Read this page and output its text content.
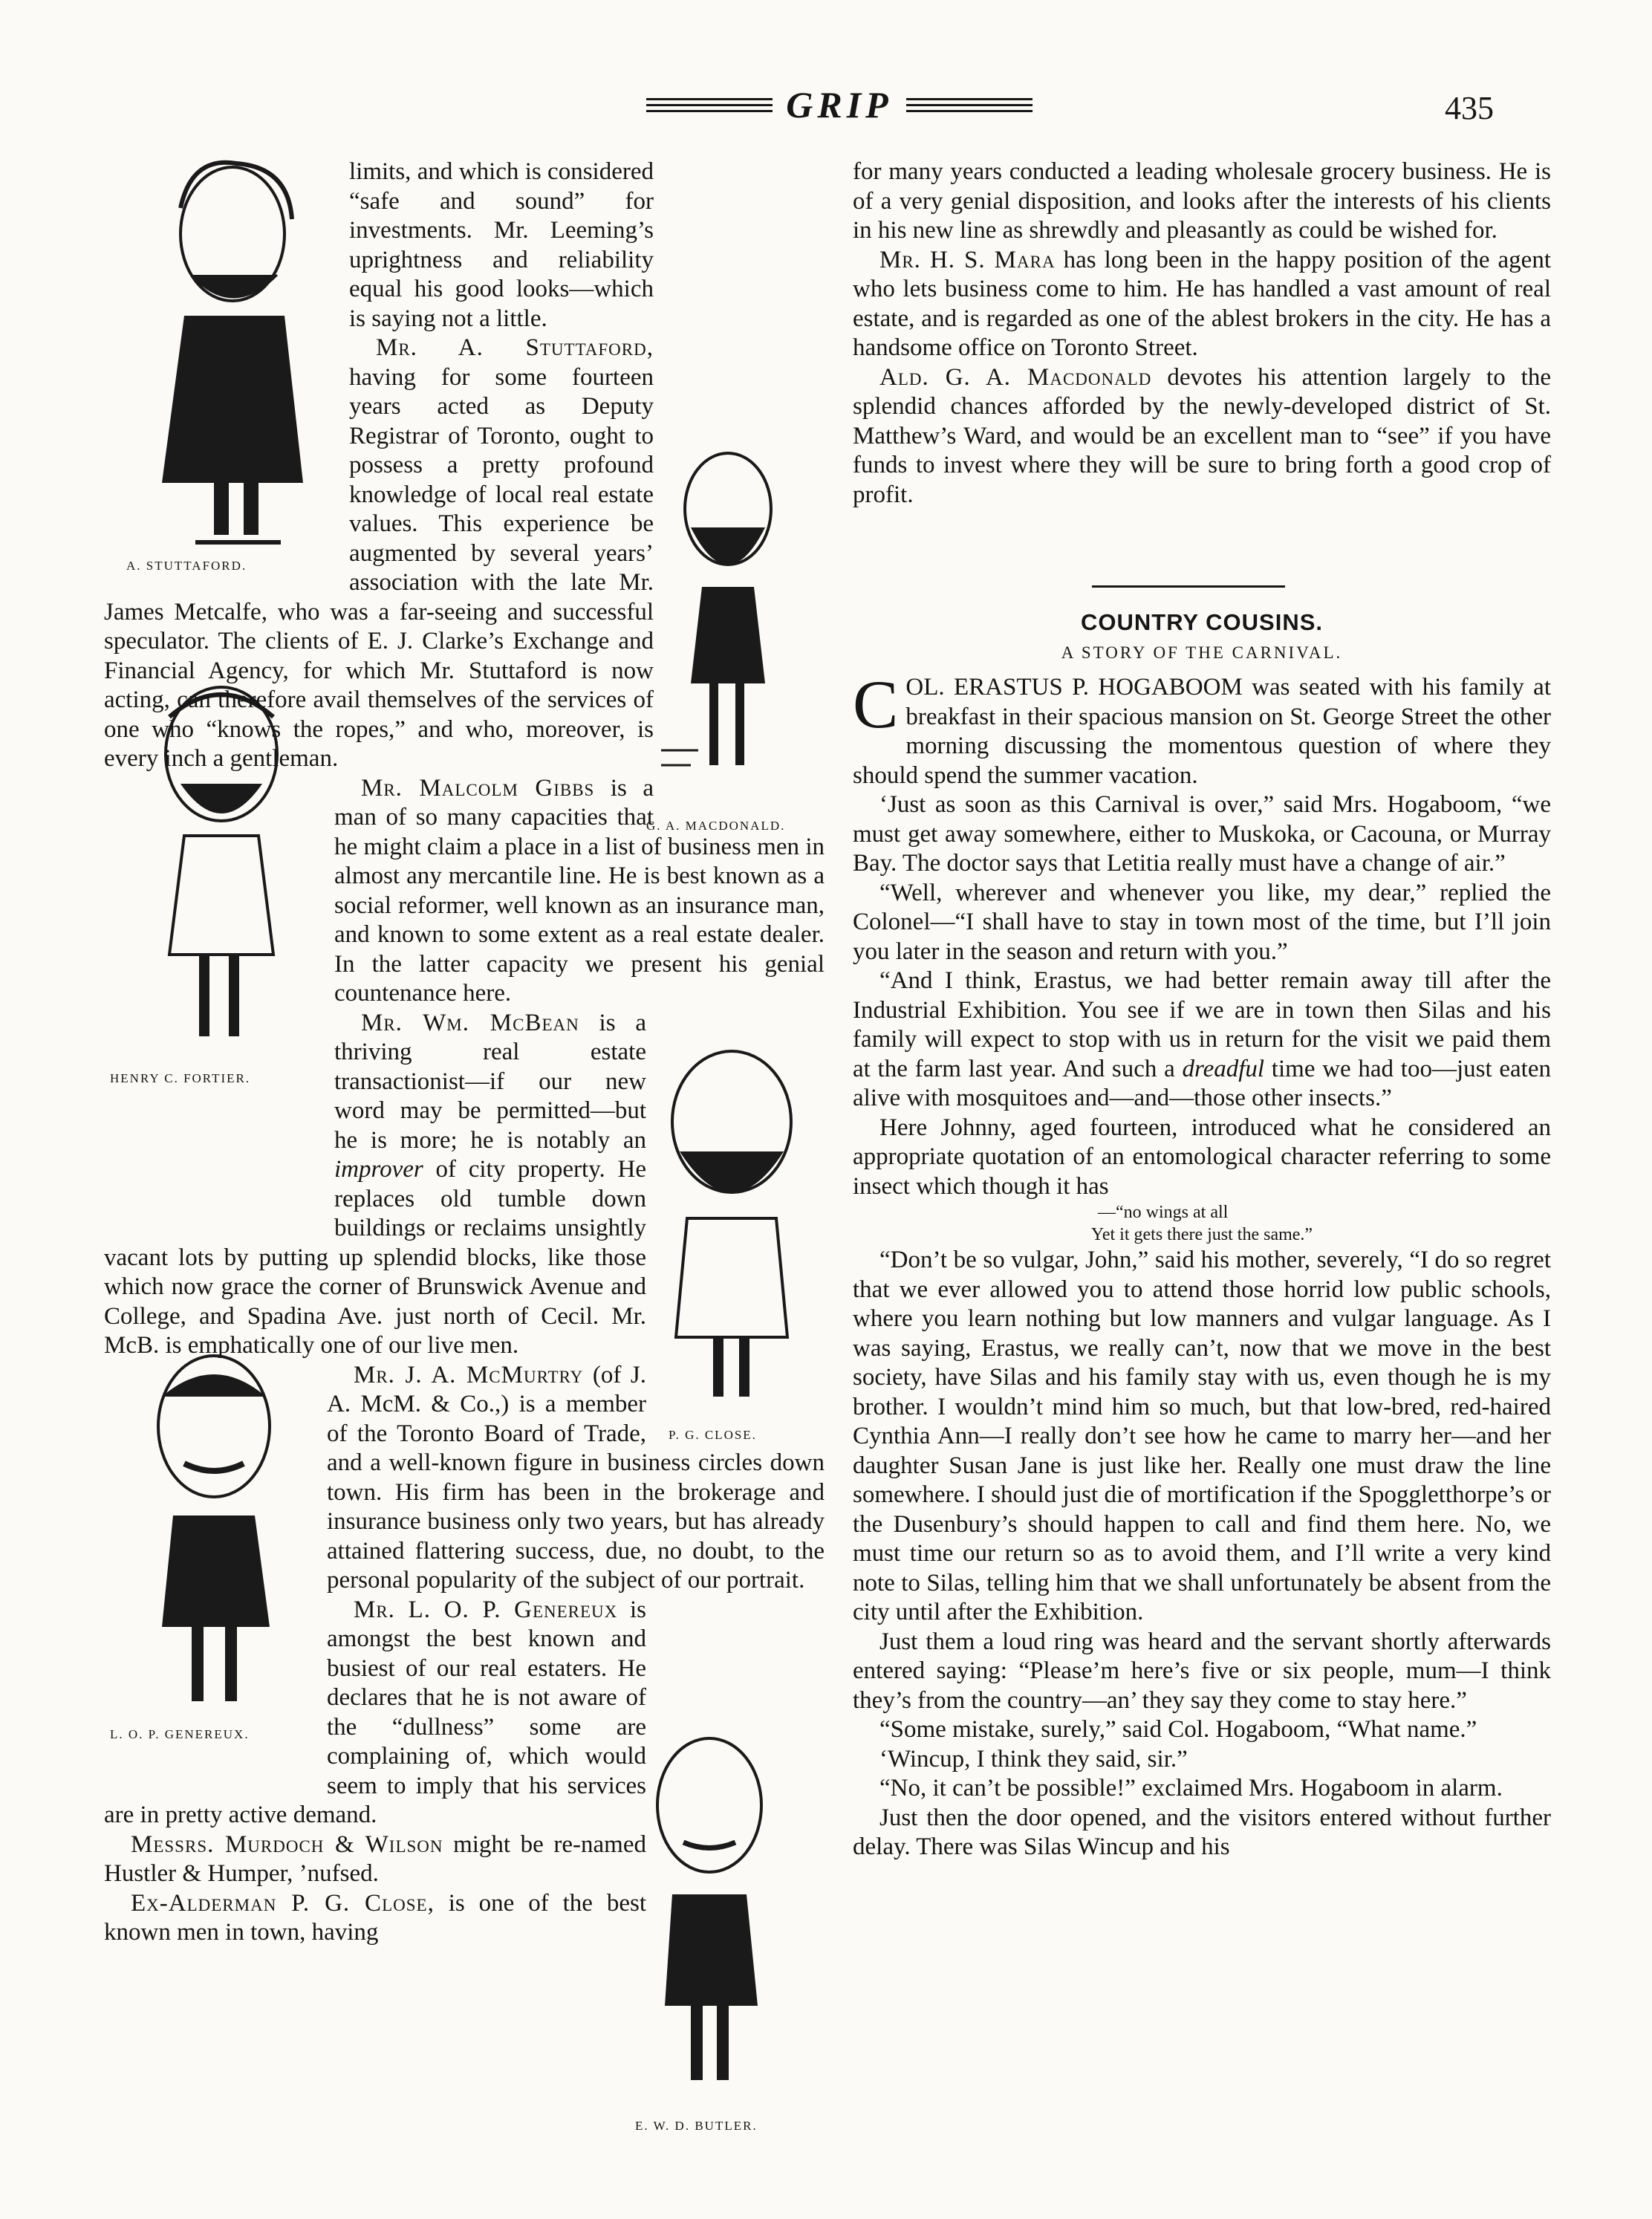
GRIP	435
A. STUTTAFORD.
G. A. MACDONALD.
HENRY C. FORTIER.
P. G. CLOSE.
L. O. P. GENEREUX.
E. W. D. BUTLER.

limits, and which is considered “safe and sound” for investments. Mr. Leeming’s uprightness and reliability equal his good looks—which is saying not a little.

Mr. A. Stuttaford, having for some fourteen years acted as Deputy Registrar of Toronto, ought to possess a pretty profound knowledge of local real estate values. This experience be augmented by several years’ association with the late Mr. James Metcalfe, who was a far-seeing and successful speculator. The clients of E. J. Clarke’s Exchange and Financial Agency, for which Mr. Stuttaford is now acting, can therefore avail themselves of the services of one who “knows the ropes,” and who, moreover, is every inch a gentleman.

Mr. Malcolm Gibbs is a man of so many capacities that he might claim a place in a list of business men in almost any mercantile line. He is best known as a social reformer, well known as an insurance man, and known to some extent as a real estate dealer. In the latter capacity we present his genial countenance here.

Mr. Wm. McBean is a thriving real estate transactionist—if our new word may be permitted—but he is more; he is notably an improver of city property. He replaces old tumble down buildings or reclaims unsightly vacant lots by putting up splendid blocks, like those which now grace the corner of Brunswick Avenue and College, and Spadina Ave. just north of Cecil. Mr. McB. is emphatically one of our live men.

Mr. J. A. McMurtry (of J. A. McM. & Co.,) is a member of the Toronto Board of Trade, and a well-known figure in business circles down town. His firm has been in the brokerage and insurance business only two years, but has already attained flattering success, due, no doubt, to the personal popularity of the subject of our portrait.

Mr. L. O. P. Genereux is amongst the best known and busiest of our real estaters. He declares that he is not aware of the “dullness” some are complaining of, which would seem to imply that his services are in pretty active demand.

Messrs. Murdoch & Wilson might be re-named Hustler & Humper, ’nufsed.

Ex-Alderman P. G. Close, is one of the best known men in town, having

for many years conducted a leading wholesale grocery business. He is of a very genial disposition, and looks after the interests of his clients in his new line as shrewdly and pleasantly as could be wished for.

Mr. H. S. Mara has long been in the happy position of the agent who lets business come to him. He has handled a vast amount of real estate, and is regarded as one of the ablest brokers in the city. He has a handsome office on Toronto Street.

Ald. G. A. Macdonald devotes his attention largely to the splendid chances afforded by the newly-developed district of St. Matthew’s Ward, and would be an excellent man to “see” if you have funds to invest where they will be sure to bring forth a good crop of profit.

COUNTRY COUSINS.
A STORY OF THE CARNIVAL.

COL. ERASTUS P. HOGABOOM was seated with his family at breakfast in their spacious mansion on St. George Street the other morning discussing the momentous question of where they should spend the summer vacation.

‘Just as soon as this Carnival is over,” said Mrs. Hogaboom, “we must get away somewhere, either to Muskoka, or Cacouna, or Murray Bay. The doctor says that Letitia really must have a change of air.”

“Well, wherever and whenever you like, my dear,” replied the Colonel—“I shall have to stay in town most of the time, but I’ll join you later in the season and return with you.”

“And I think, Erastus, we had better remain away till after the Industrial Exhibition. You see if we are in town then Silas and his family will expect to stop with us in return for the visit we paid them at the farm last year. And such a dreadful time we had too—just eaten alive with mosquitoes and—and—those other insects.”

Here Johnny, aged fourteen, introduced what he considered an appropriate quotation of an entomological character referring to some insect which though it has

—“no wings at all

Yet it gets there just the same.”

“Don’t be so vulgar, John,” said his mother, severely, “I do so regret that we ever allowed you to attend those horrid low public schools, where you learn nothing but low manners and vulgar language. As I was saying, Erastus, we really can’t, now that we move in the best society, have Silas and his family stay with us, even though he is my brother. I wouldn’t mind him so much, but that low-bred, red-haired Cynthia Ann—I really don’t see how he came to marry her—and her daughter Susan Jane is just like her. Really one must draw the line somewhere. I should just die of mortification if the Spoggletthorpe’s or the Dusenbury’s should happen to call and find them here. No, we must time our return so as to avoid them, and I’ll write a very kind note to Silas, telling him that we shall unfortunately be absent from the city until after the Exhibition.

Just them a loud ring was heard and the servant shortly afterwards entered saying: “Please’m here’s five or six people, mum—I think they’s from the country—an’ they say they come to stay here.”

“Some mistake, surely,” said Col. Hogaboom, “What name.”

‘Wincup, I think they said, sir.”

“No, it can’t be possible!” exclaimed Mrs. Hogaboom in alarm.

Just then the door opened, and the visitors entered without further delay. There was Silas Wincup and his
